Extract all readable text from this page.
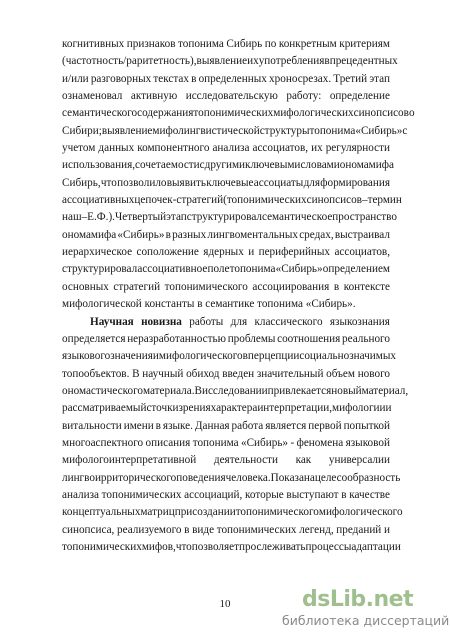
когнитивных признаков топонима Сибирь по конкретным критериям
(частотность/ раритетность), выявление их употребления в прецедентных
и/или разговорных текстах в определенных хроносрезах. Третий этап
ознаменовал активную исследовательскую работу: определение
семантического содержания топонимических мифологических синопсисов о
Сибири; выявление мифолингвистической структуры топонима «Сибирь» с
учетом данных компонентного анализа ассоциатов, их регулярности
использования, сочетаемости с другими ключевыми словами ономамифа
Сибирь, что позволило выявить ключевые ассоциаты для формирования
ассоциативных цепочек-стратегий (топонимических синопсисов – термин
наш – Е.Ф.). Четвертый этап структурировал семантическое пространство
ономамифа «Сибирь» в разных лингвоментальных средах, выстраивал
иерархическое соположение ядерных и периферийных ассоциатов,
структурировал ассоциативное поле топонима «Сибирь» определением
основных стратегий топонимического ассоциирования в контексте
мифологической константы в семантике топонима «Сибирь».
Научная новизна работы для классического языкознания
определяется неразработанностью проблемы соотношения реального
языкового значения и мифологического в перцепции социально значимых
топообъектов. В научный обиход введен значительный объем нового
ономастического материала. В исследовании привлекается новый материал,
рассматриваемый с точки зрения характера интерпретации, мифологии и
витальности имени в языке. Данная работа является первой попыткой
многоаспектного описания топонима «Сибирь» - феномена языковой
мифологоинтерпретативной деятельности как универсалии
лингвоирриторического поведения человека. Показана целесообразность
анализа топонимических ассоциаций, которые выступают в качестве
концептуальных матриц при создании топонимического мифологического
синопсиса, реализуемого в виде топонимических легенд, преданий и
топонимических мифов, что позволяет прослеживать процессы адаптации
10	dsLib.net
библиотека диссертаций
